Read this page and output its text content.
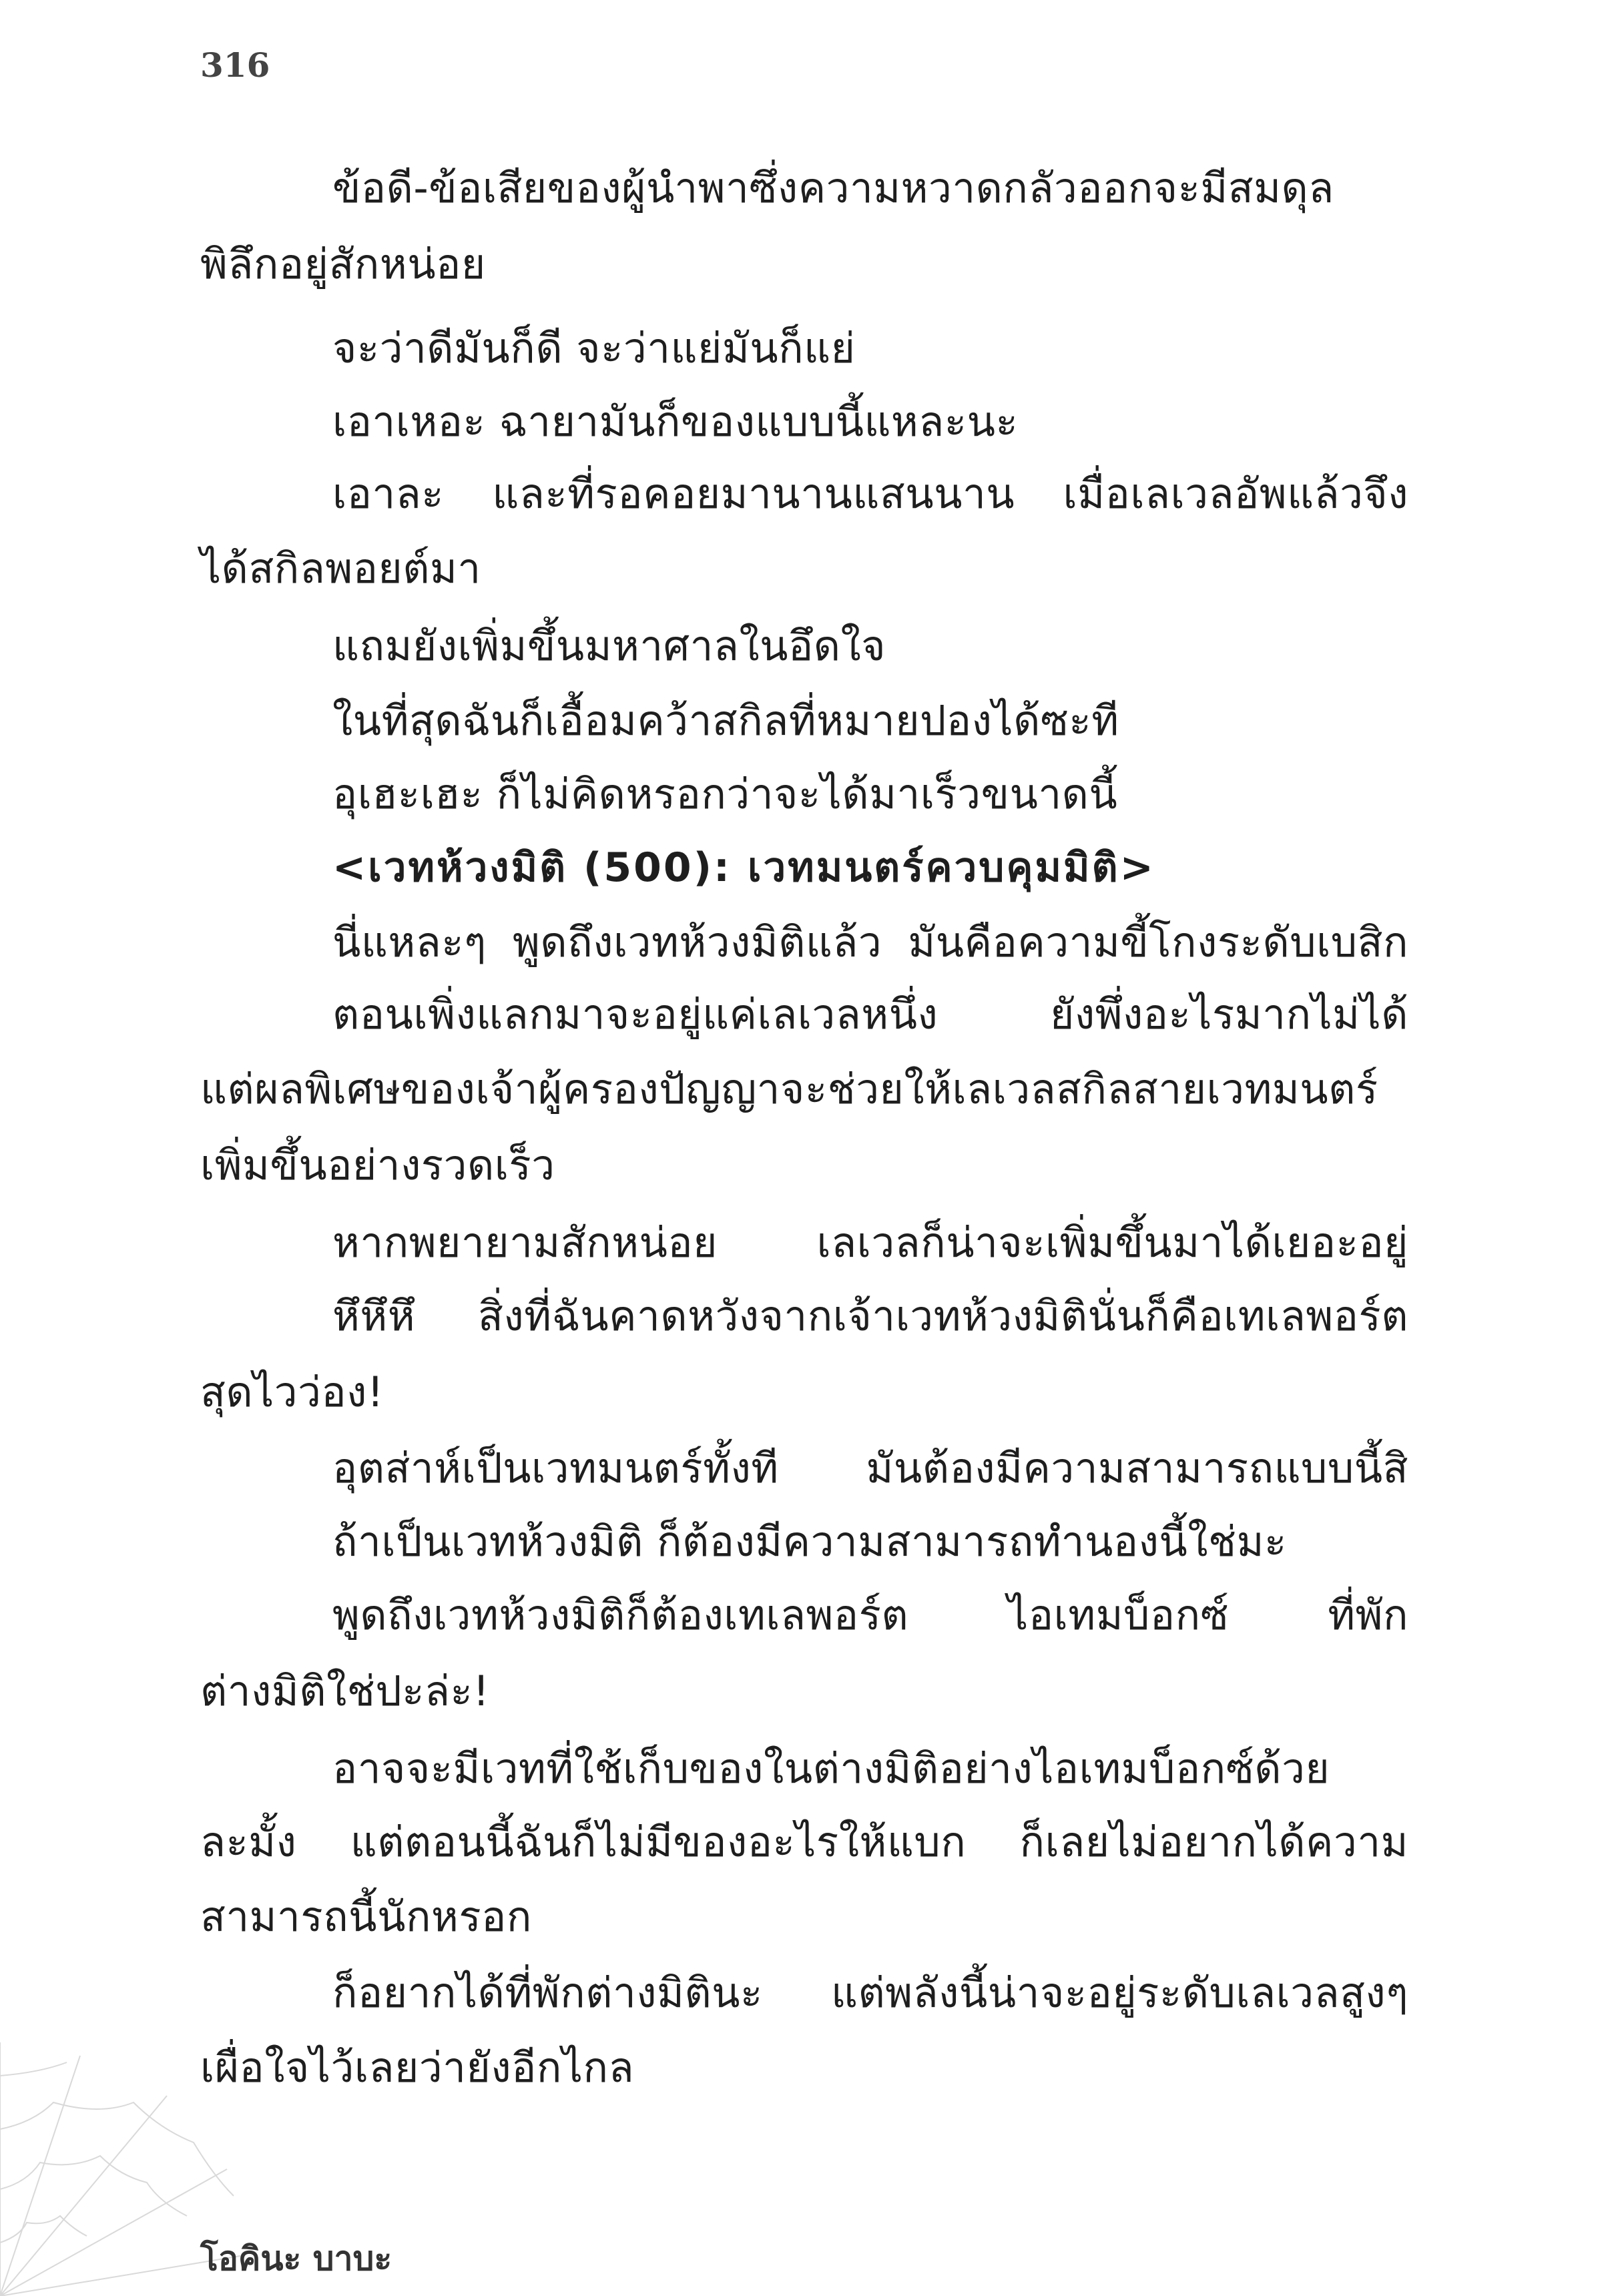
316
ข้อดี-ข้อเสียของผู้นำพาซึ่งความหวาดกลัวออกจะมีสมดุล
พิลึกอยู่สักหน่อย
จะว่าดีมันก็ดี จะว่าแย่มันก็แย่
เอาเหอะ ฉายามันก็ของแบบนี้แหละนะ
เอาละ และที่รอคอยมานานแสนนาน เมื่อเลเวลอัพแล้วจึง
ได้สกิลพอยต์มา
แถมยังเพิ่มขึ้นมหาศาลในอึดใจ
ในที่สุดฉันก็เอื้อมคว้าสกิลที่หมายปองได้ซะที
อุเฮะเฮะ ก็ไม่คิดหรอกว่าจะได้มาเร็วขนาดนี้
<เวทห้วงมิติ (500): เวทมนตร์ควบคุมมิติ>
นี่แหละๆ พูดถึงเวทห้วงมิติแล้ว มันคือความขี้โกงระดับเบสิก
ตอนเพิ่งแลกมาจะอยู่แค่เลเวลหนึ่ง ยังพึ่งอะไรมากไม่ได้
แต่ผลพิเศษของเจ้าผู้ครองปัญญาจะช่วยให้เลเวลสกิลสายเวทมนตร์
เพิ่มขึ้นอย่างรวดเร็ว
หากพยายามสักหน่อย เลเวลก็น่าจะเพิ่มขึ้นมาได้เยอะอยู่
หึหึหึ สิ่งที่ฉันคาดหวังจากเจ้าเวทห้วงมิตินั่นก็คือเทเลพอร์ต
สุดไวว่อง!
อุตส่าห์เป็นเวทมนตร์ทั้งที มันต้องมีความสามารถแบบนี้สิ
ถ้าเป็นเวทห้วงมิติ ก็ต้องมีความสามารถทำนองนี้ใช่มะ
พูดถึงเวทห้วงมิติก็ต้องเทเลพอร์ต ไอเทมบ็อกซ์ ที่พัก
ต่างมิติใช่ปะล่ะ!
อาจจะมีเวทที่ใช้เก็บของในต่างมิติอย่างไอเทมบ็อกซ์ด้วย
ละมั้ง แต่ตอนนี้ฉันก็ไม่มีของอะไรให้แบก ก็เลยไม่อยากได้ความ
สามารถนี้นักหรอก
ก็อยากได้ที่พักต่างมิตินะ แต่พลังนี้น่าจะอยู่ระดับเลเวลสูงๆ
เผื่อใจไว้เลยว่ายังอีกไกล
โอคินะ บาบะ
